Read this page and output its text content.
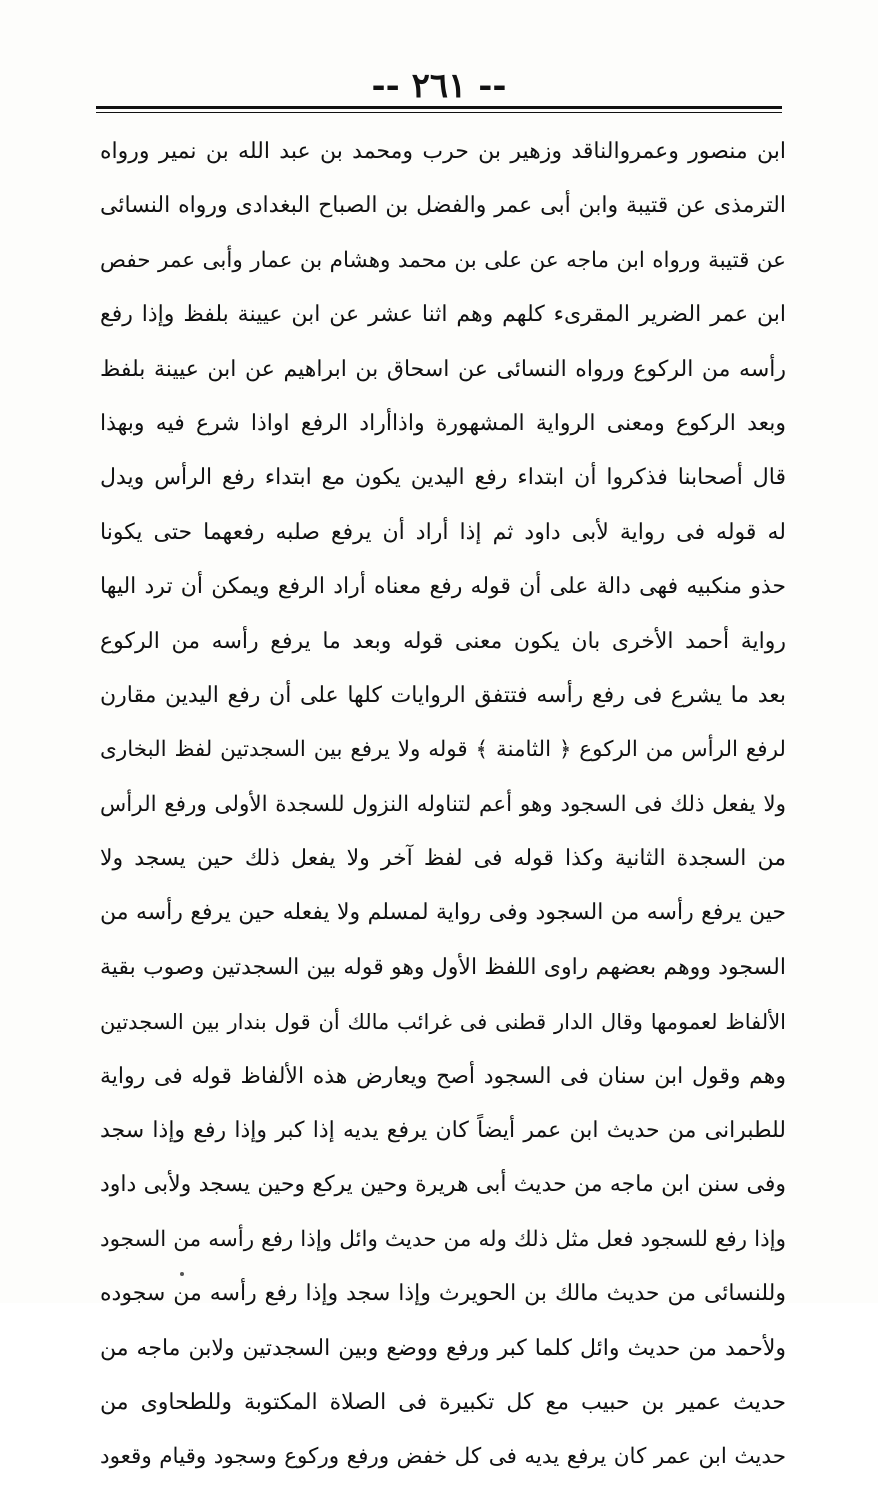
-- ٢٦١ --
ابن منصور وعمروالناقد وزهير بن حرب ومحمد بن عبد الله بن نمير ورواه
الترمذى عن قتيبة وابن أبى عمر والفضل بن الصباح البغدادى ورواه النسائى
عن قتيبة ورواه ابن ماجه عن على بن محمد وهشام بن عمار وأبى عمر حفص
ابن عمر الضرير المقرىء كلهم وهم اثنا عشر عن ابن عيينة بلفظ وإذا رفع
رأسه من الركوع ورواه النسائى عن اسحاق بن ابراهيم عن ابن عيينة بلفظ
وبعد الركوع ومعنى الرواية المشهورة واذاأراد الرفع اواذا شرع فيه وبهذا
قال أصحابنا فذكروا أن ابتداء رفع اليدين يكون مع ابتداء رفع الرأس ويدل
له قوله فى رواية لأبى داود ثم إذا أراد أن يرفع صلبه رفعهما حتى يكونا
حذو منكبيه فهى دالة على أن قوله رفع معناه أراد الرفع ويمكن أن ترد اليها
رواية أحمد الأخرى بان يكون معنى قوله وبعد ما يرفع رأسه من الركوع
بعد ما يشرع فى رفع رأسه فتتفق الروايات كلها على أن رفع اليدين مقارن
لرفع الرأس من الركوع ﴿ الثامنة ﴾ قوله ولا يرفع بين السجدتين لفظ البخارى
ولا يفعل ذلك فى السجود وهو أعم لتناوله النزول للسجدة الأولى ورفع الرأس
من السجدة الثانية وكذا قوله فى لفظ آخر ولا يفعل ذلك حين يسجد ولا
حين يرفع رأسه من السجود وفى رواية لمسلم ولا يفعله حين يرفع رأسه من
السجود ووهم بعضهم راوى اللفظ الأول وهو قوله بين السجدتين وصوب بقية
الألفاظ لعمومها وقال الدار قطنى فى غرائب مالك أن قول بندار بين السجدتين
وهم وقول ابن سنان فى السجود أصح ويعارض هذه الألفاظ قوله فى رواية
للطبرانى من حديث ابن عمر أيضاً كان يرفع يديه إذا كبر وإذا رفع وإذا سجد
وفى سنن ابن ماجه من حديث أبى هريرة وحين يركع وحين يسجد ولأبى داود
وإذا رفع للسجود فعل مثل ذلك وله من حديث وائل وإذا رفع رأسه من السجود
وللنسائى من حديث مالك بن الحويرث وإذا سجد وإذا رفع رأسه من سجوده
ولأحمد من حديث وائل كلما كبر ورفع ووضع وبين السجدتين ولابن ماجه من
حديث عمير بن حبيب مع كل تكبيرة فى الصلاة المكتوبة وللطحاوى من
حديث ابن عمر كان يرفع يديه فى كل خفض ورفع وركوع وسجود وقيام وقعود
